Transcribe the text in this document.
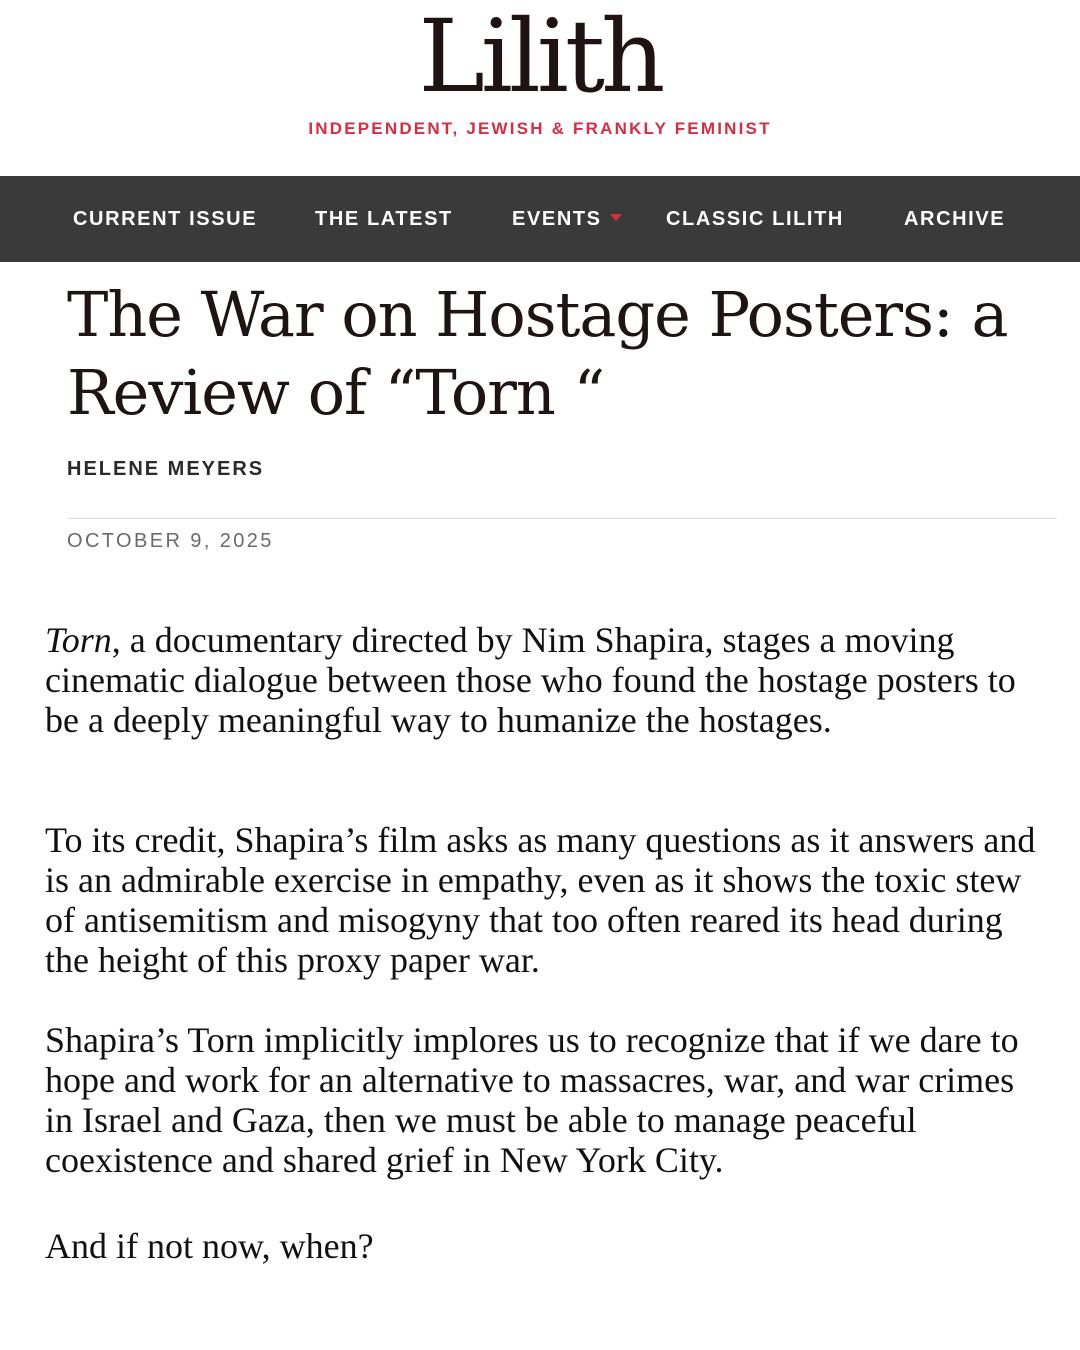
Lilith
INDEPENDENT, JEWISH & FRANKLY FEMINIST
CURRENT ISSUE	THE LATEST	EVENTS	CLASSIC LILITH	ARCHIVE
The War on Hostage Posters: a
Review of “Torn “
HELENE MEYERS
OCTOBER 9, 2025

Torn, a documentary directed by Nim Shapira, stages a moving cinematic dialogue between those who found the hostage posters to be a deeply meaningful way to humanize the hostages.

To its credit, Shapira’s film asks as many questions as it answers and is an admirable exercise in empathy, even as it shows the toxic stew of antisemitism and misogyny that too often reared its head during the height of this proxy paper war.

Shapira’s Torn implicitly implores us to recognize that if we dare to hope and work for an alternative to massacres, war, and war crimes in Israel and Gaza, then we must be able to manage peaceful coexistence and shared grief in New York City.

And if not now, when?
